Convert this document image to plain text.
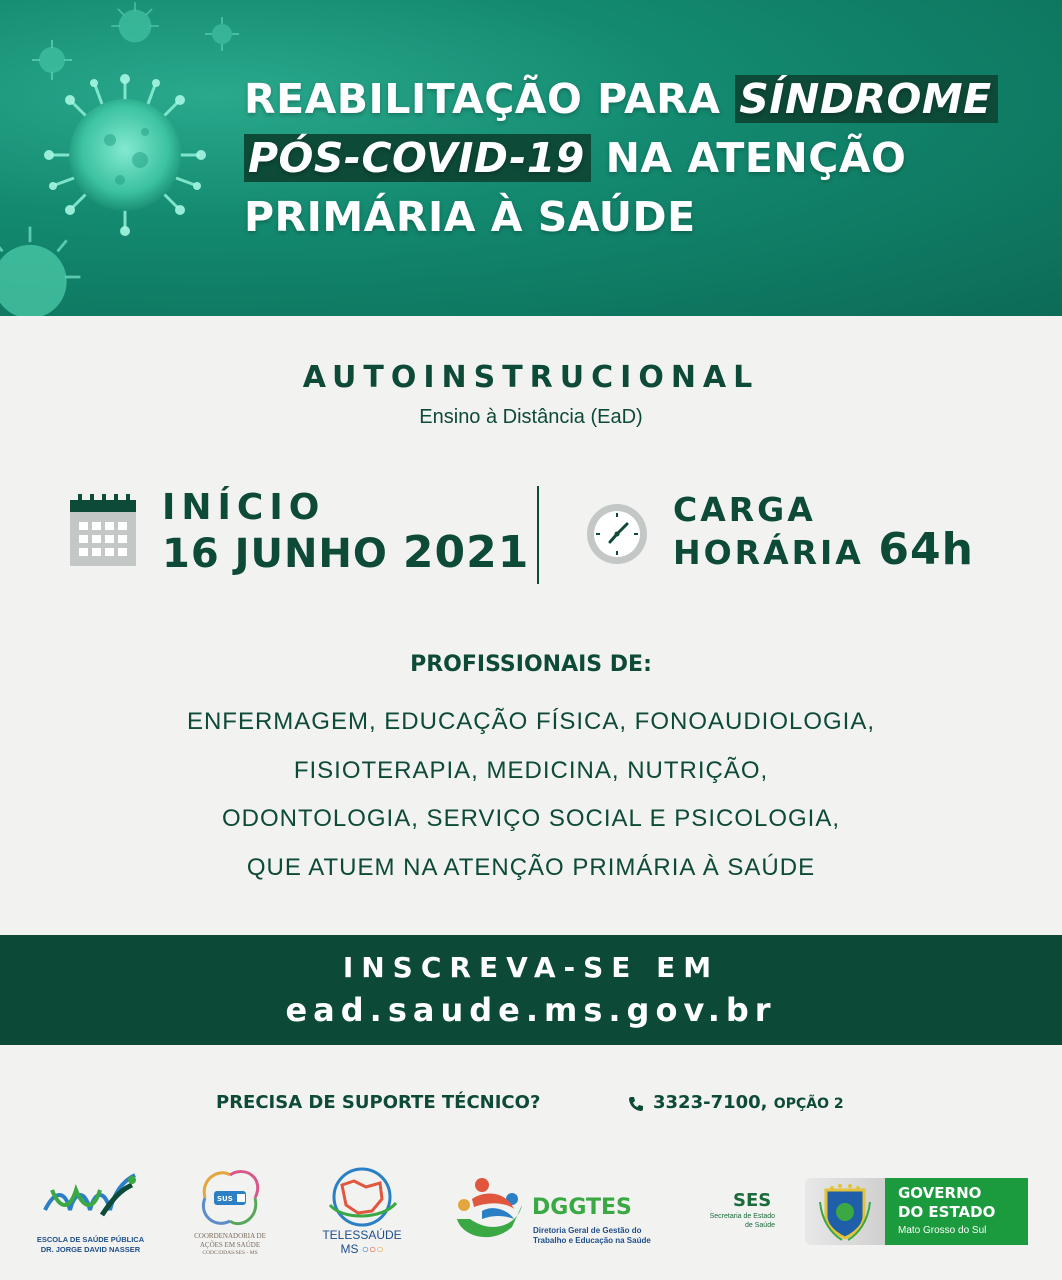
REABILITAÇÃO PARA SÍNDROME
PÓS-COVID-19 NA ATENÇÃO
PRIMÁRIA À SAÚDE
AUTOINSTRUCIONAL
Ensino à Distância (EaD)
INÍCIO
16 JUNHO 2021
CARGA
HORÁRIA 64h
PROFISSIONAIS DE:
ENFERMAGEM, EDUCAÇÃO FÍSICA, FONOAUDIOLOGIA,
FISIOTERAPIA, MEDICINA, NUTRIÇÃO,
ODONTOLOGIA, SERVIÇO SOCIAL E PSICOLOGIA,
QUE ATUEM NA ATENÇÃO PRIMÁRIA À SAÚDE
INSCREVA-SE EM
ead.saude.ms.gov.br
PRECISA DE SUPORTE TÉCNICO?	3323-7100, OPÇÃO 2
ESCOLA DE SAÚDE PÚBLICA
DR. JORGE DAVID NASSER
SUS
COORDENADORIA DE
AÇÕES EM SAÚDE
CODC/DDAS/SES - MS
TELESSAÚDE
MS ○○○
DGGTES
Diretoria Geral de Gestão do
Trabalho e Educação na Saúde
SES
Secretaria de Estado
de Saúde
GOVERNO
DO ESTADO
Mato Grosso do Sul
